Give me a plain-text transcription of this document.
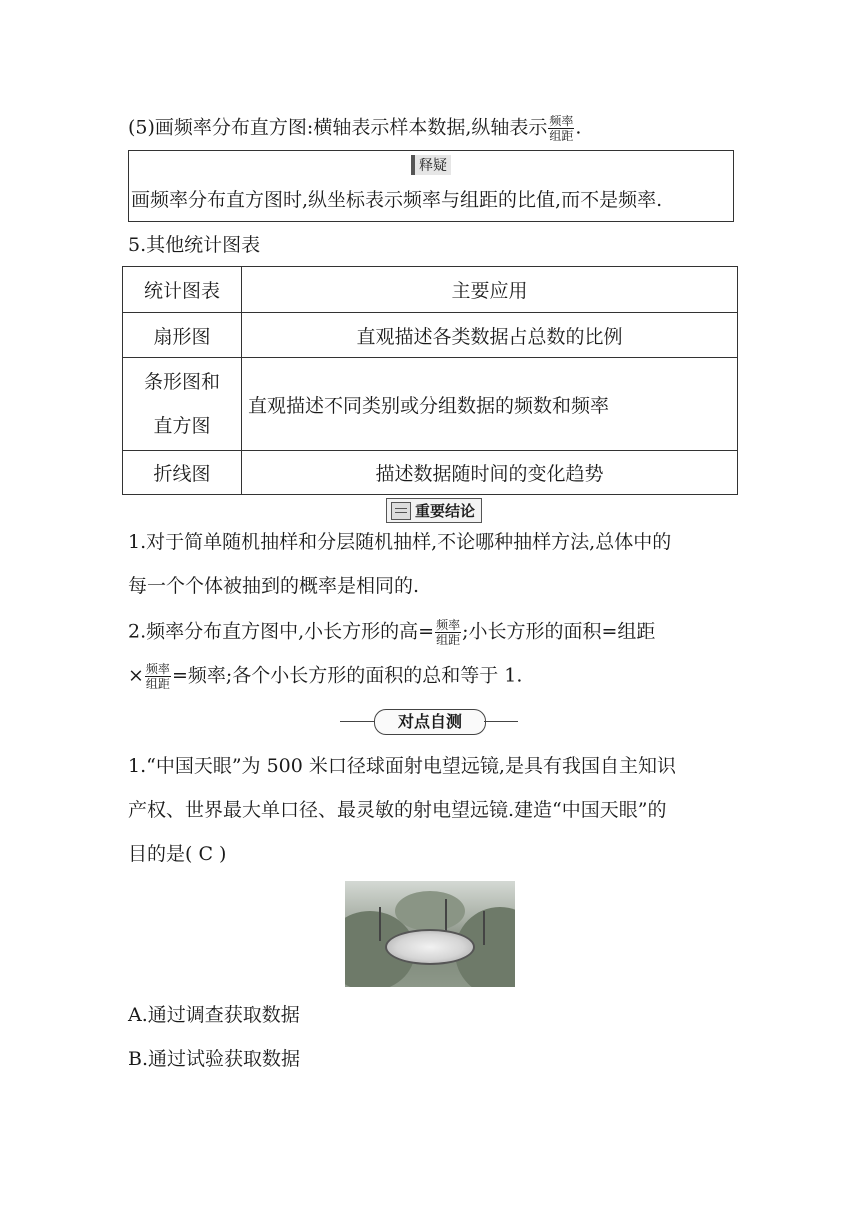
(5)画频率分布直方图:横轴表示样本数据,纵轴表示 $\frac{\text{频率}}{\text{组距}}$ .
释疑
画频率分布直方图时,纵坐标表示频率与组距的比值,而不是频率.
5.其他统计图表
统计图表	主要应用
扇形图	直观描述各类数据占总数的比例
条形图和
直方图	直观描述不同类别或分组数据的频数和频率
折线图	描述数据随时间的变化趋势
重要结论
1.对于简单随机抽样和分层随机抽样,不论哪种抽样方法,总体中的
每一个个体被抽到的概率是相同的.
2.频率分布直方图中,小长方形的高= $\frac{\text{频率}}{\text{组距}}$ ;小长方形的面积=组距
× $\frac{\text{频率}}{\text{组距}}$ =频率;各个小长方形的面积的总和等于 1.
对点自测
1.“中国天眼”为 500 米口径球面射电望远镜,是具有我国自主知识
产权、世界最大单口径、最灵敏的射电望远镜.建造“中国天眼”的
目的是( C )
A.通过调查获取数据
B.通过试验获取数据
